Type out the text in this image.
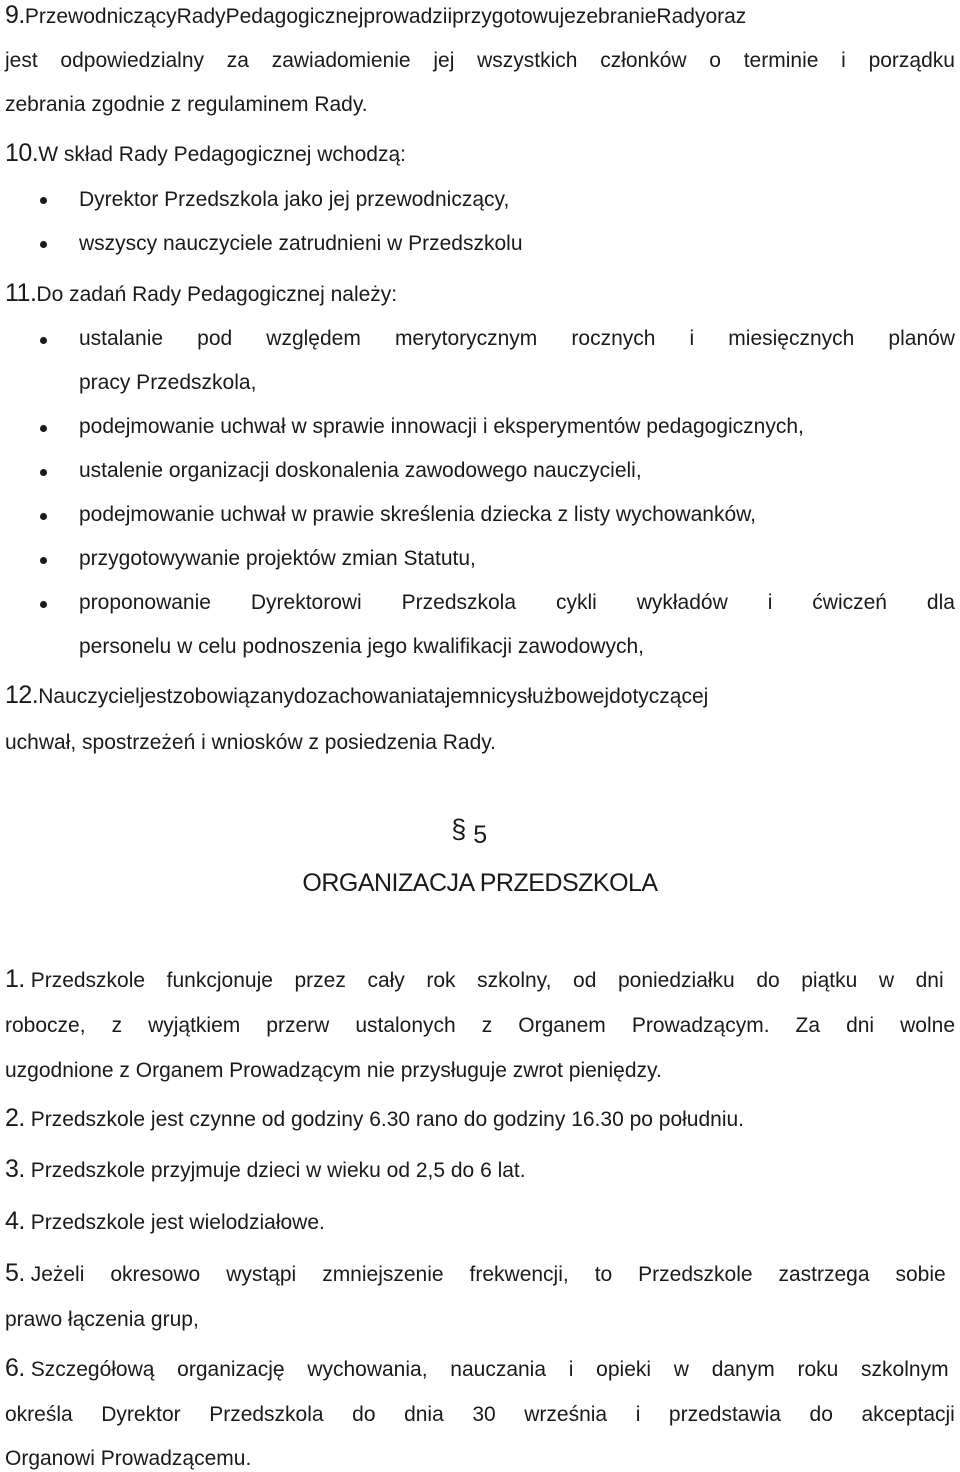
9. Przewodniczący Rady Pedagogicznej prowadzi i przygotowuje zebranie Rady oraz
jest odpowiedzialny za zawiadomienie jej wszystkich członków o terminie i porządku
zebrania zgodnie z regulaminem Rady.
10.W skład Rady Pedagogicznej wchodzą:
Dyrektor Przedszkola jako jej przewodniczący,
wszyscy nauczyciele zatrudnieni w Przedszkolu
11.Do zadań Rady Pedagogicznej należy:
ustalanie pod względem merytorycznym rocznych i miesięcznych planów
pracy Przedszkola,
podejmowanie uchwał w sprawie innowacji i eksperymentów pedagogicznych,
ustalenie organizacji doskonalenia zawodowego nauczycieli,
podejmowanie uchwał w prawie skreślenia dziecka z listy wychowanków,
przygotowywanie projektów zmian Statutu,
proponowanie Dyrektorowi Przedszkola cykli wykładów i ćwiczeń dla
personelu w celu podnoszenia jego kwalifikacji zawodowych,
12. Nauczyciel jest zobowiązany do zachowania tajemnicy służbowej dotyczącej
uchwał, spostrzeżeń i wniosków z posiedzenia Rady.
§ 5
ORGANIZACJA PRZEDSZKOLA
1. Przedszkole funkcjonuje przez cały rok szkolny, od poniedziałku do piątku w dni
robocze, z wyjątkiem przerw ustalonych z Organem Prowadzącym. Za dni wolne
uzgodnione z Organem Prowadzącym nie przysługuje zwrot pieniędzy.
2. Przedszkole jest czynne od godziny 6.30 rano do godziny 16.30 po południu.
3. Przedszkole przyjmuje dzieci w wieku od 2,5 do 6 lat.
4. Przedszkole jest wielodziałowe.
5. Jeżeli okresowo wystąpi zmniejszenie frekwencji, to Przedszkole zastrzega sobie
prawo łączenia grup,
6. Szczegółową organizację wychowania, nauczania i opieki w danym roku szkolnym
określa Dyrektor Przedszkola do dnia 30 września i przedstawia do akceptacji
Organowi Prowadzącemu.
